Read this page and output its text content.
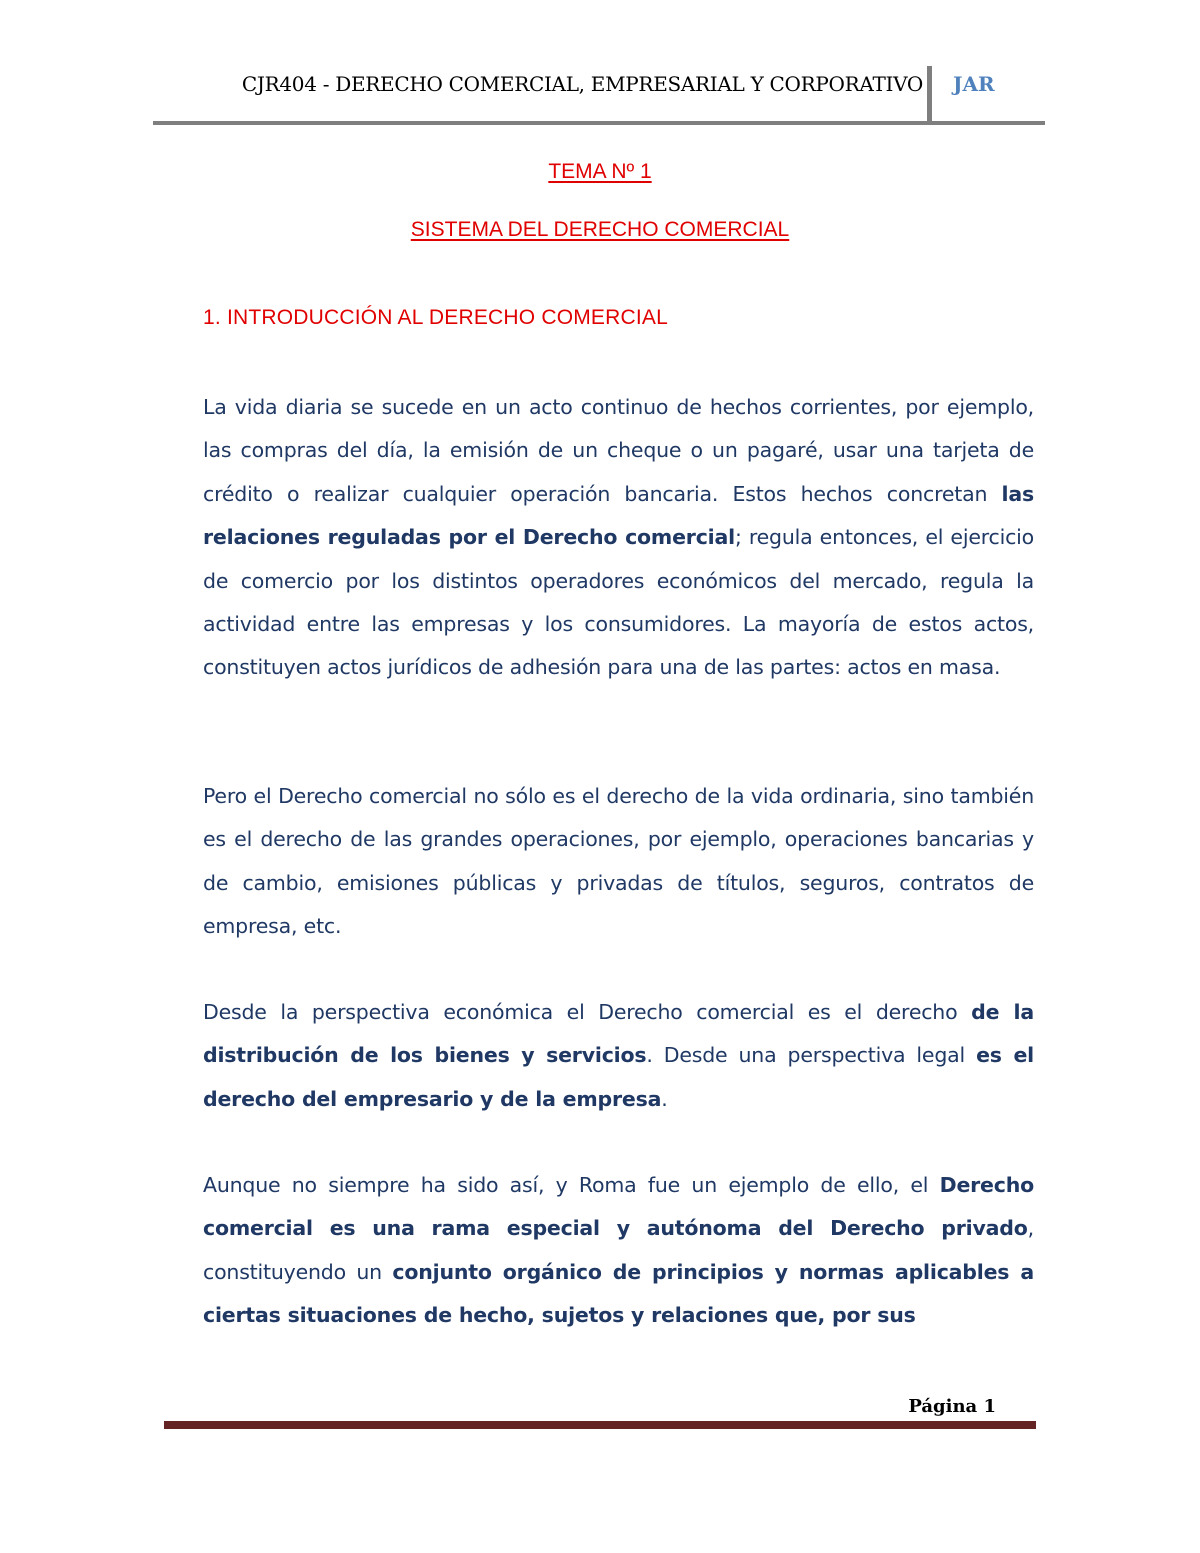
CJR404 - DERECHO COMERCIAL, EMPRESARIAL Y CORPORATIVO JAR
TEMA Nº 1
SISTEMA DEL DERECHO COMERCIAL
1. INTRODUCCIÓN AL DERECHO COMERCIAL

La vida diaria se sucede en un acto continuo de hechos corrientes, por ejemplo, las compras del día, la emisión de un cheque o un pagaré, usar una tarjeta de crédito o realizar cualquier operación bancaria. Estos hechos concretan las relaciones reguladas por el Derecho comercial; regula entonces, el ejercicio de comercio por los distintos operadores económicos del mercado, regula la actividad entre las empresas y los consumidores. La mayoría de estos actos, constituyen actos jurídicos de adhesión para una de las partes: actos en masa.

Pero el Derecho comercial no sólo es el derecho de la vida ordinaria, sino también es el derecho de las grandes operaciones, por ejemplo, operaciones bancarias y de cambio, emisiones públicas y privadas de títulos, seguros, contratos de empresa, etc.

Desde la perspectiva económica el Derecho comercial es el derecho de la distribución de los bienes y servicios. Desde una perspectiva legal es el derecho del empresario y de la empresa.

Aunque no siempre ha sido así, y Roma fue un ejemplo de ello, el Derecho comercial es una rama especial y autónoma del Derecho privado, constituyendo un conjunto orgánico de principios y normas aplicables a ciertas situaciones de hecho, sujetos y relaciones que, por sus

Página 1
